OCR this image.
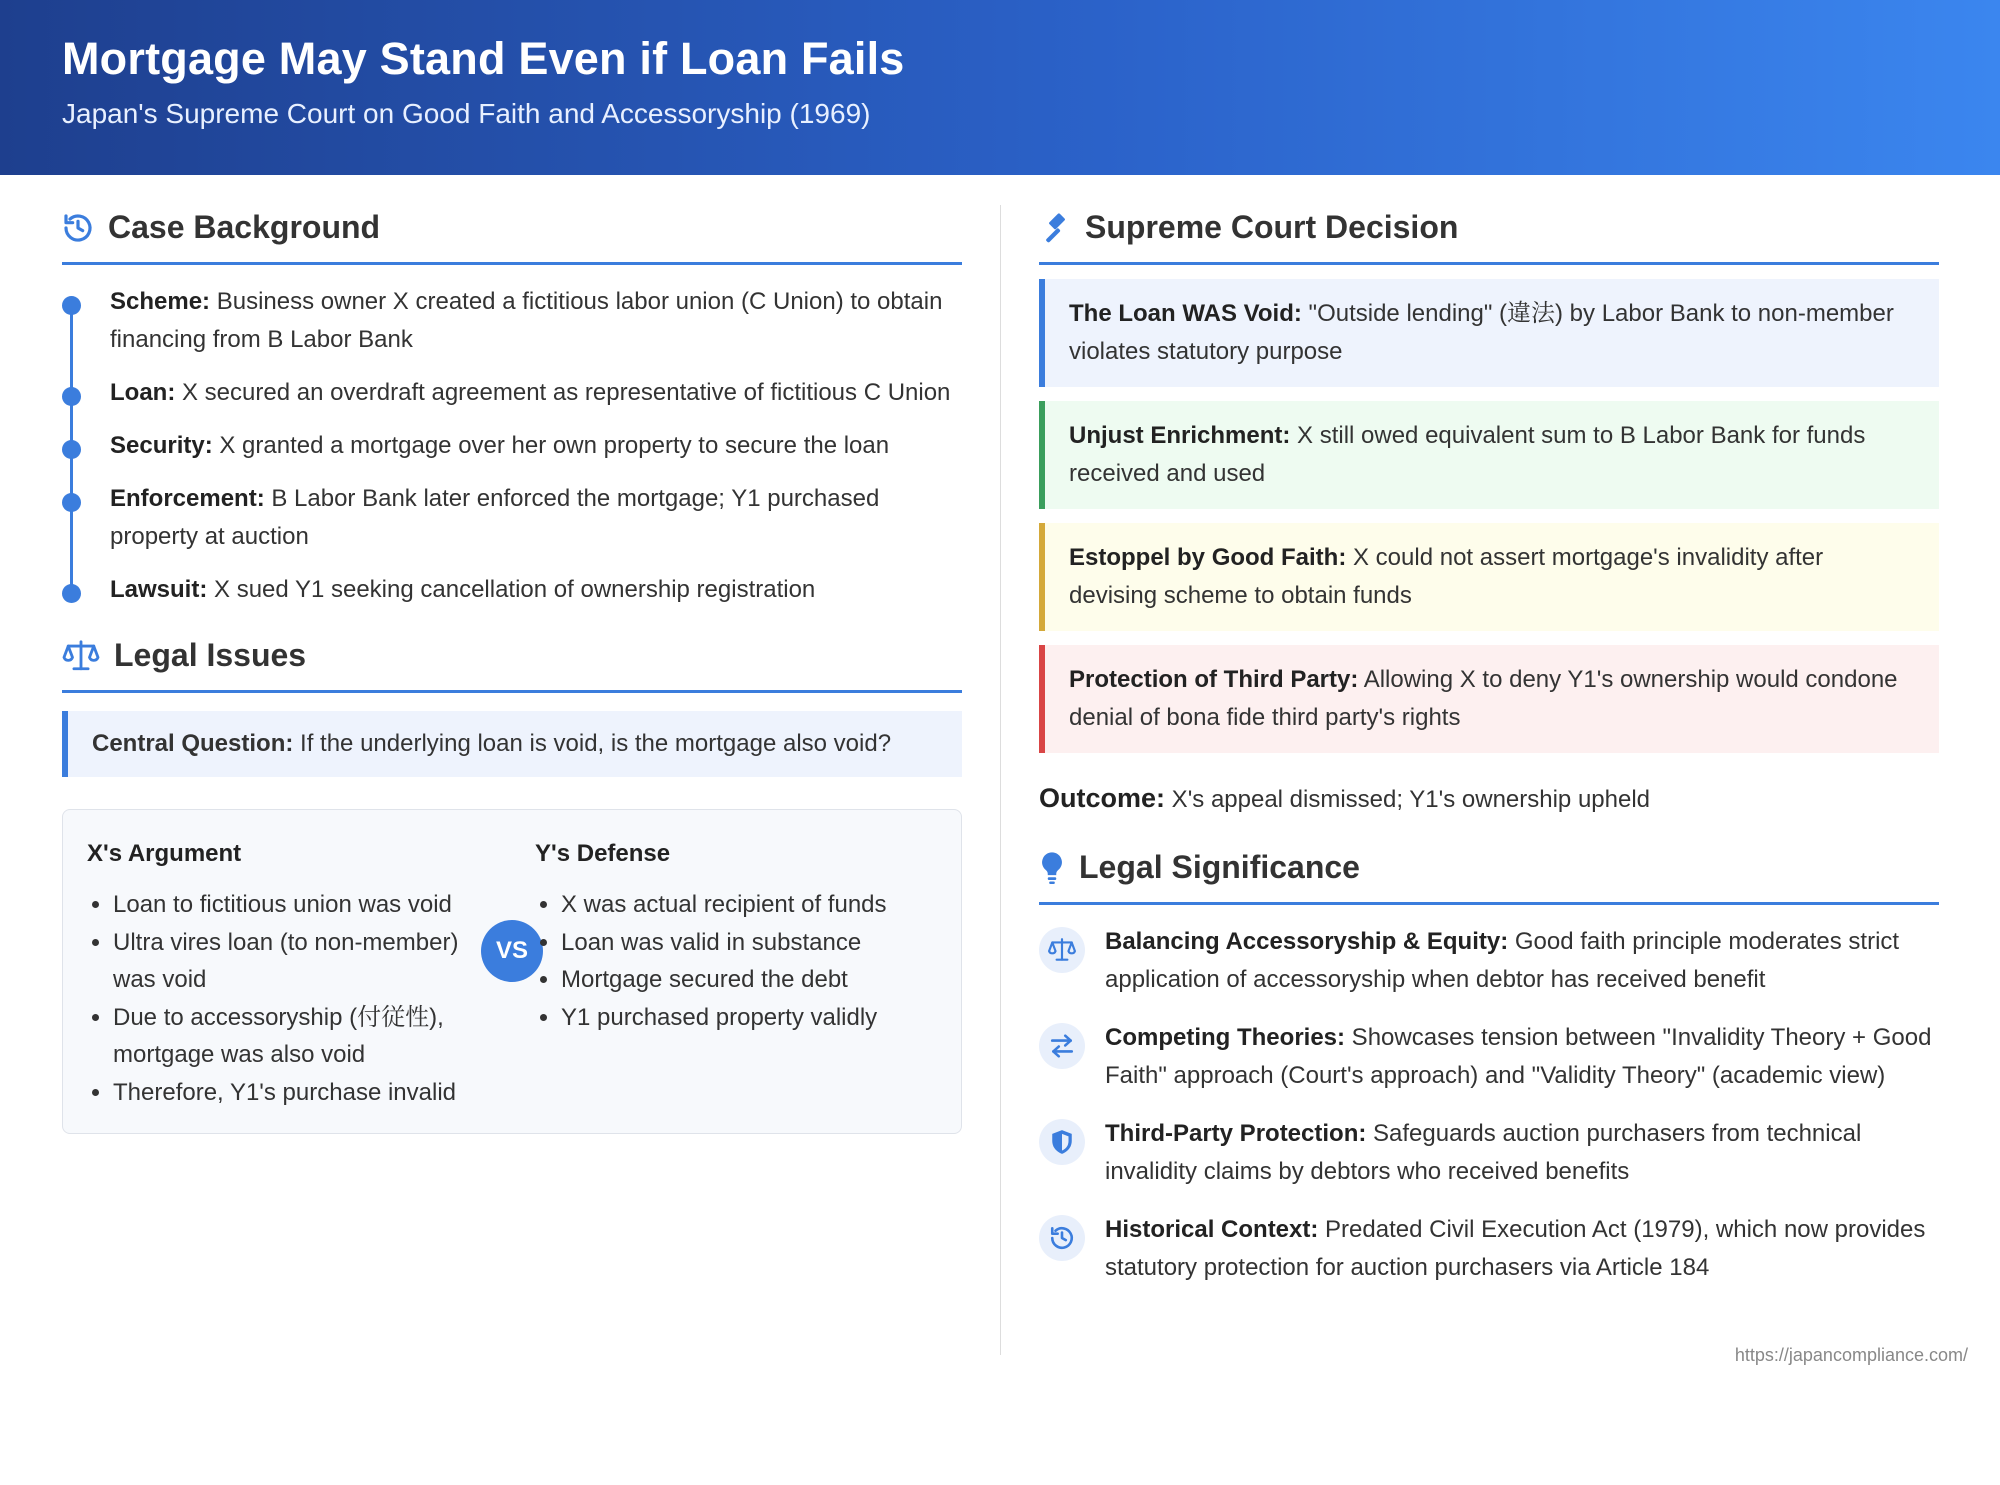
Mortgage May Stand Even if Loan Fails
Japan's Supreme Court on Good Faith and Accessoryship (1969)
Case Background
Scheme: Business owner X created a fictitious labor union (C Union) to obtain financing from B Labor Bank
Loan: X secured an overdraft agreement as representative of fictitious C Union
Security: X granted a mortgage over her own property to secure the loan
Enforcement: B Labor Bank later enforced the mortgage; Y1 purchased property at auction
Lawsuit: X sued Y1 seeking cancellation of ownership registration
Legal Issues
Central Question: If the underlying loan is void, is the mortgage also void?
X's Argument
• Loan to fictitious union was void
• Ultra vires loan (to non-member) was void
• Due to accessoryship (付従性), mortgage was also void
• Therefore, Y1's purchase invalid
VS
Y's Defense
• X was actual recipient of funds
• Loan was valid in substance
• Mortgage secured the debt
• Y1 purchased property validly
Supreme Court Decision
The Loan WAS Void: "Outside lending" (違法) by Labor Bank to non-member violates statutory purpose
Unjust Enrichment: X still owed equivalent sum to B Labor Bank for funds received and used
Estoppel by Good Faith: X could not assert mortgage's invalidity after devising scheme to obtain funds
Protection of Third Party: Allowing X to deny Y1's ownership would condone denial of bona fide third party's rights
Outcome: X's appeal dismissed; Y1's ownership upheld
Legal Significance
Balancing Accessoryship & Equity: Good faith principle moderates strict application of accessoryship when debtor has received benefit
Competing Theories: Showcases tension between "Invalidity Theory + Good Faith" approach (Court's approach) and "Validity Theory" (academic view)
Third-Party Protection: Safeguards auction purchasers from technical invalidity claims by debtors who received benefits
Historical Context: Predated Civil Execution Act (1979), which now provides statutory protection for auction purchasers via Article 184
https://japancompliance.com/
